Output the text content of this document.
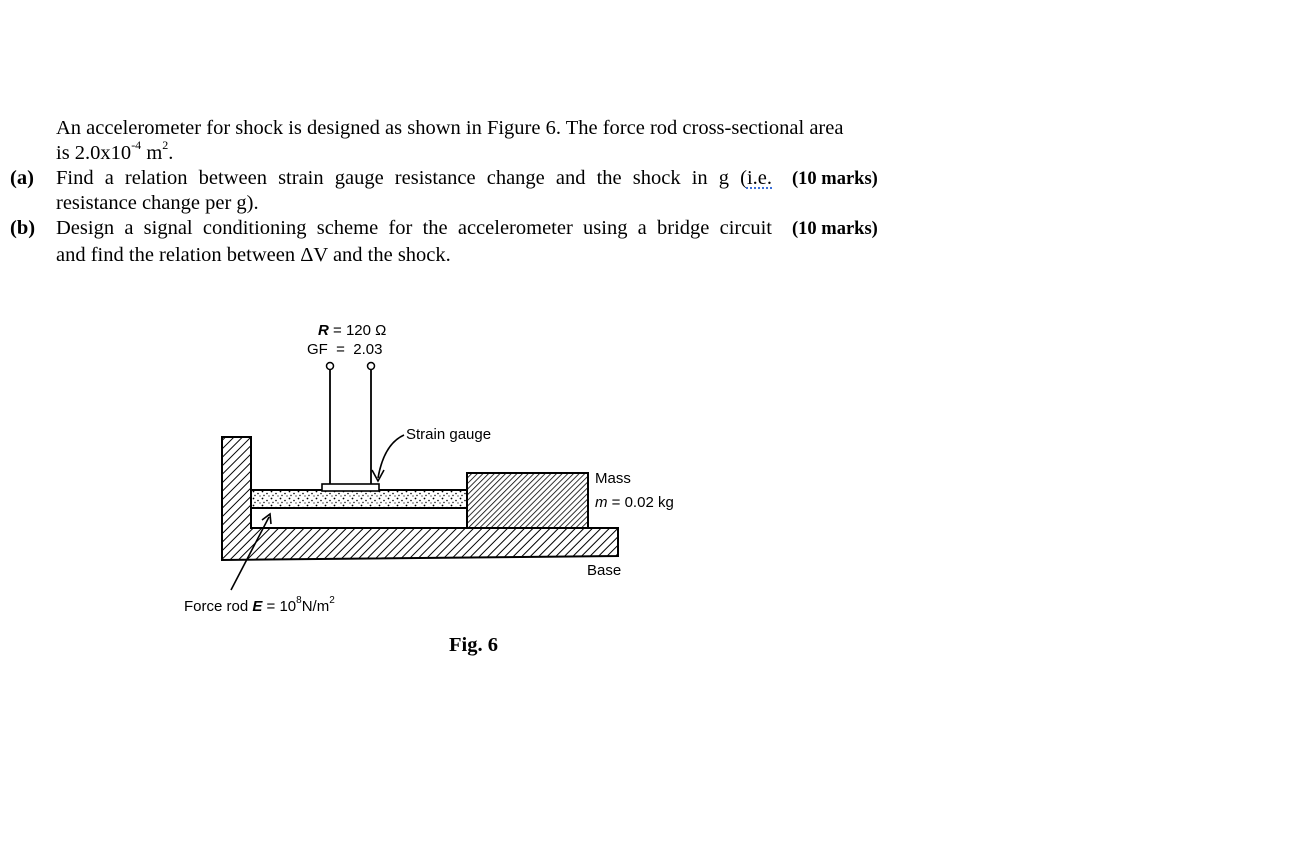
An accelerometer for shock is designed as shown in Figure 6. The force rod cross-sectional area
is $2.0x10^{-4}$ $m^2$.
(a) Find a relation between strain gauge resistance change and the shock in g (i.e. (10 marks)
resistance change per g).
(b) Design a signal conditioning scheme for the accelerometer using a bridge circuit (10 marks)
and find the relation between ΔV and the shock.
R = 120 Ω
GF  =  2.03
Strain gauge
Mass
m = 0.02 kg
Base
Force rod $E = 10^8N/m^2$
Fig. 6
